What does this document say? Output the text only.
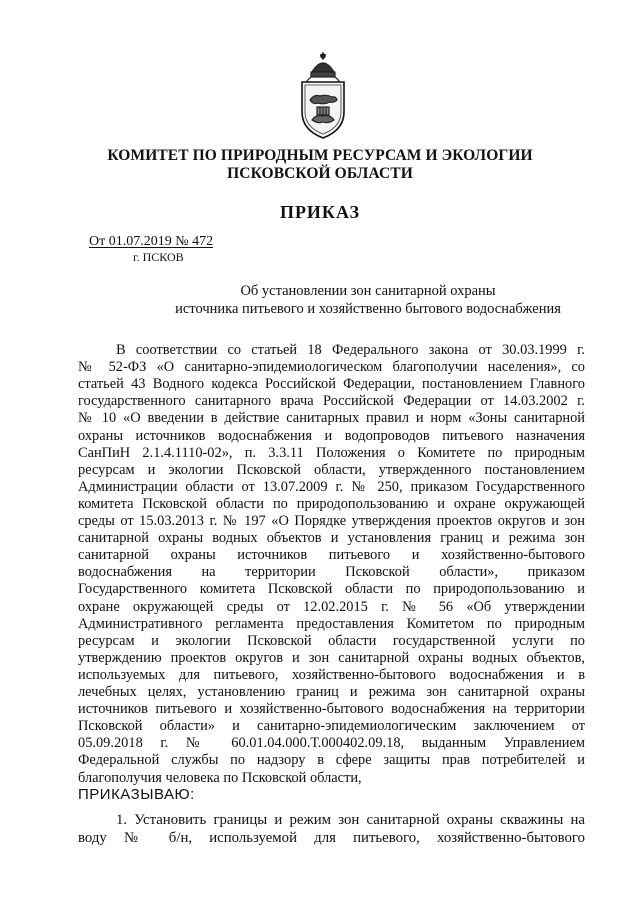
КОМИТЕТ ПО ПРИРОДНЫМ РЕСУРСАМ И ЭКОЛОГИИ
ПСКОВСКОЙ ОБЛАСТИ
ПРИКАЗ
От 01.07.2019 № 472
г. ПСКОВ
Об установлении зон санитарной охраны
источника питьевого и хозяйственно бытового водоснабжения
В соответствии со статьей 18 Федерального закона от 30.03.1999 г.
№ 52-ФЗ «О санитарно-эпидемиологическом благополучии населения», со
статьей 43 Водного кодекса Российской Федерации, постановлением Главного
государственного санитарного врача Российской Федерации от 14.03.2002 г.
№ 10 «О введении в действие санитарных правил и норм «Зоны санитарной
охраны источников водоснабжения и водопроводов питьевого назначения
СанПиН 2.1.4.1110-02», п. 3.3.11 Положения о Комитете по природным
ресурсам и экологии Псковской области, утвержденного постановлением
Администрации области от 13.07.2009 г. № 250, приказом Государственного
комитета Псковской области по природопользованию и охране окружающей
среды от 15.03.2013 г. № 197 «О Порядке утверждения проектов округов и зон
санитарной охраны водных объектов и установления границ и режима зон
санитарной охраны источников питьевого и хозяйственно-бытового
водоснабжения на территории Псковской области», приказом
Государственного комитета Псковской области по природопользованию и
охране окружающей среды от 12.02.2015 г. № 56 «Об утверждении
Административного регламента предоставления Комитетом по природным
ресурсам и экологии Псковской области государственной услуги по
утверждению проектов округов и зон санитарной охраны водных объектов,
используемых для питьевого, хозяйственно-бытового водоснабжения и в
лечебных целях, установлению границ и режима зон санитарной охраны
источников питьевого и хозяйственно-бытового водоснабжения на территории
Псковской области» и санитарно-эпидемиологическим заключением от
05.09.2018 г. № 60.01.04.000.Т.000402.09.18, выданным Управлением
Федеральной службы по надзору в сфере защиты прав потребителей и
благополучия человека по Псковской области,
ПРИКАЗЫВАЮ:
1. Установить границы и режим зон санитарной охраны скважины на
воду № б/н, используемой для питьевого, хозяйственно-бытового
